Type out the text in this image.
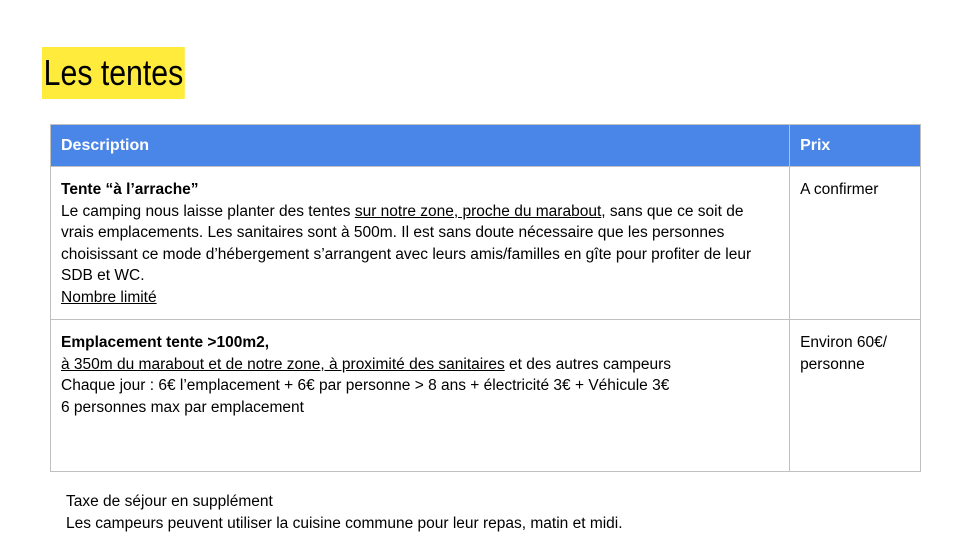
Les tentes
Description	Prix

Tente “à l’arrache”
Le camping nous laisse planter des tentes sur notre zone, proche du marabout, sans que ce soit de vrais emplacements. Les sanitaires sont à 500m. Il est sans doute nécessaire que les personnes choisissant ce mode d’hébergement s’arrangent avec leurs amis/familles en gîte pour profiter de leur SDB et WC.
Nombre limité	A confirmer

Emplacement tente >100m2,
à 350m du marabout et de notre zone, à proximité des sanitaires et des autres campeurs
Chaque jour : 6€ l’emplacement + 6€ par personne > 8 ans + électricité 3€ + Véhicule 3€
6 personnes max par emplacement	Environ 60€/ personne
Taxe de séjour en supplément
Les campeurs peuvent utiliser la cuisine commune pour leur repas, matin et midi.
